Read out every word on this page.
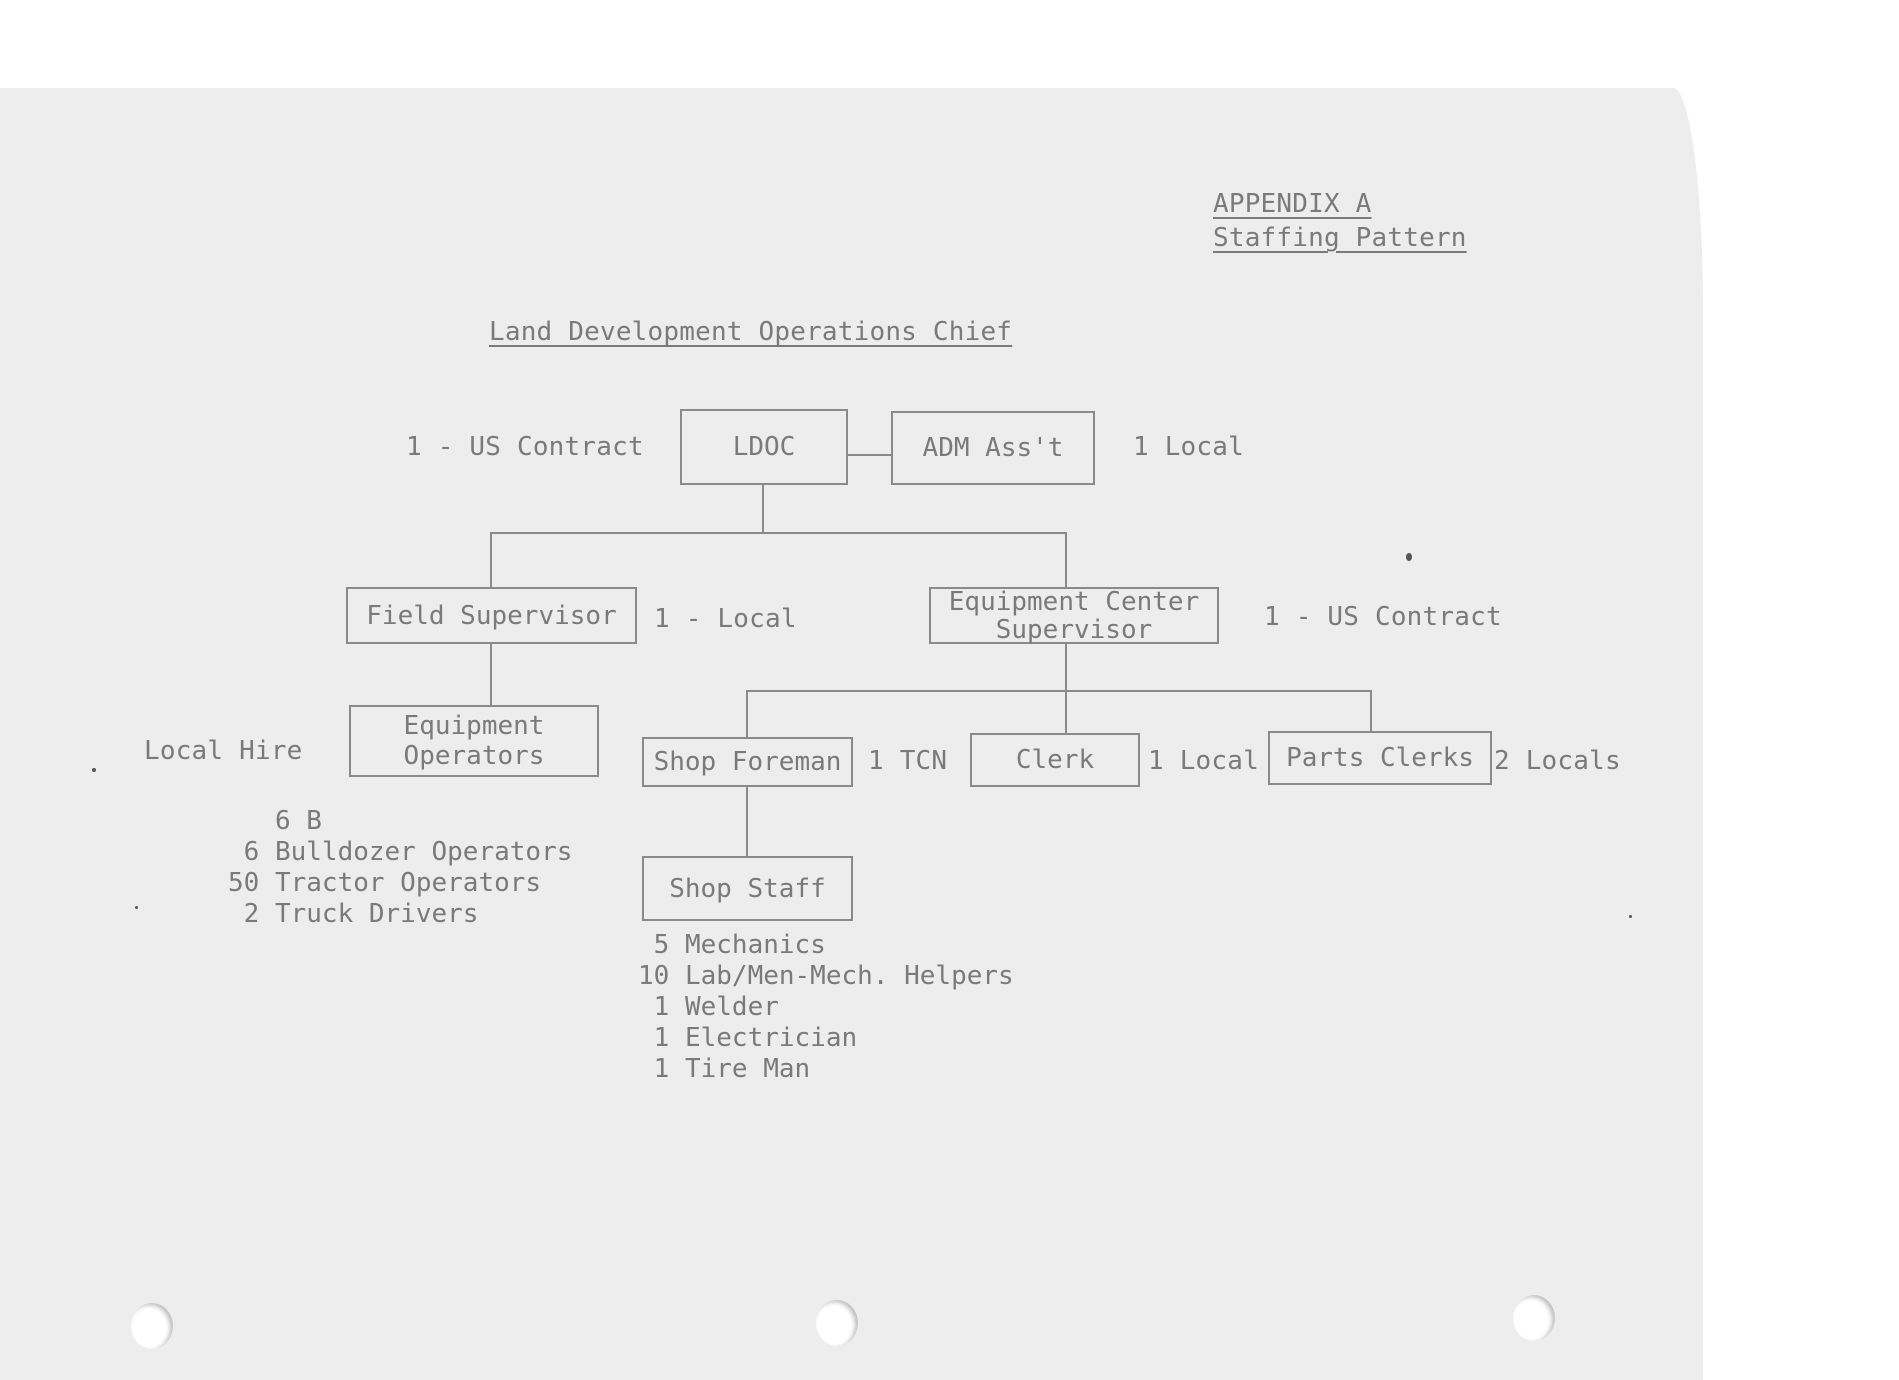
APPENDIX A
Staffing Pattern
Land Development Operations Chief
LDOC	ADM Ass't
Field Supervisor	Equipment Center
Supervisor
Equipment
Operators	Shop Foreman	Clerk	Parts Clerks
Shop Staff
1 - US Contract	1 Local
1 - Local	1 - US Contract
Local Hire	1 TCN	1 Local	2 Locals
6 B
6 Bulldozer Operators
50 Tractor Operators
2 Truck Drivers
5 Mechanics
10 Lab/Men-Mech. Helpers
1 Welder
1 Electrician
1 Tire Man
